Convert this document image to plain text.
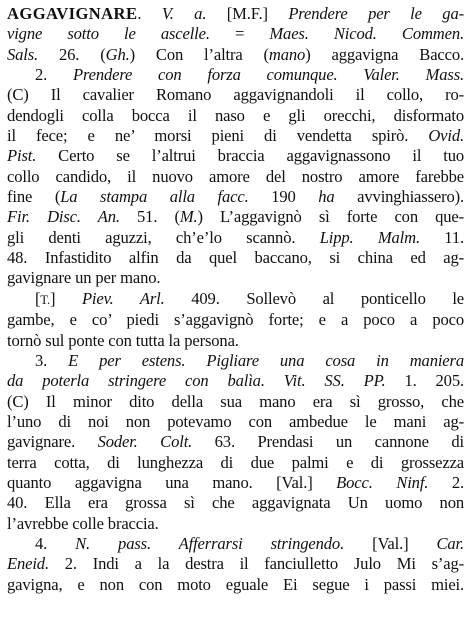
AGGAVIGNARE. V. a. [M.F.] Prendere per le ga-
vigne sotto le ascelle. = Maes. Nicod. Commen.
Sals. 26. (Gh.) Con l’altra (mano) aggavigna Bacco.
2. Prendere con forza comunque. Valer. Mass.
(C) Il cavalier Romano aggavignandoli il collo, ro-
dendogli colla bocca il naso e gli orecchi, disformato
il fece; e ne’ morsi pieni di vendetta spirò. Ovid.
Pist. Certo se l’altrui braccia aggavignassono il tuo
collo candido, il nuovo amore del nostro amore farebbe
fine (La stampa alla facc. 190 ha avvinghiassero).
Fir. Disc. An. 51. (M.) L’aggavignò sì forte con que-
gli denti aguzzi, ch’e’lo scannò. Lipp. Malm. 11.
48. Infastidito alfin da quel baccano, si china ed ag-
gavignare un per mano.
[T.] Piev. Arl. 409. Sollevò al ponticello le
gambe, e co’ piedi s’aggavignò forte; e a poco a poco
tornò sul ponte con tutta la persona.
3. E per estens. Pigliare una cosa in maniera
da poterla stringere con balìa. Vit. SS. PP. 1. 205.
(C) Il minor dito della sua mano era sì grosso, che
l’uno di noi non potevamo con ambedue le mani ag-
gavignare. Soder. Colt. 63. Prendasi un cannone di
terra cotta, di lunghezza di due palmi e di grossezza
quanto aggavigna una mano. [Val.] Bocc. Ninf. 2.
40. Ella era grossa sì che aggavignata Un uomo non
l’avrebbe colle braccia.
4. N. pass. Afferrarsi stringendo. [Val.] Car.
Eneid. 2. Indi a la destra il fanciulletto Julo Mi s’ag-
gavigna, e non con moto eguale Ei segue i passi miei.
